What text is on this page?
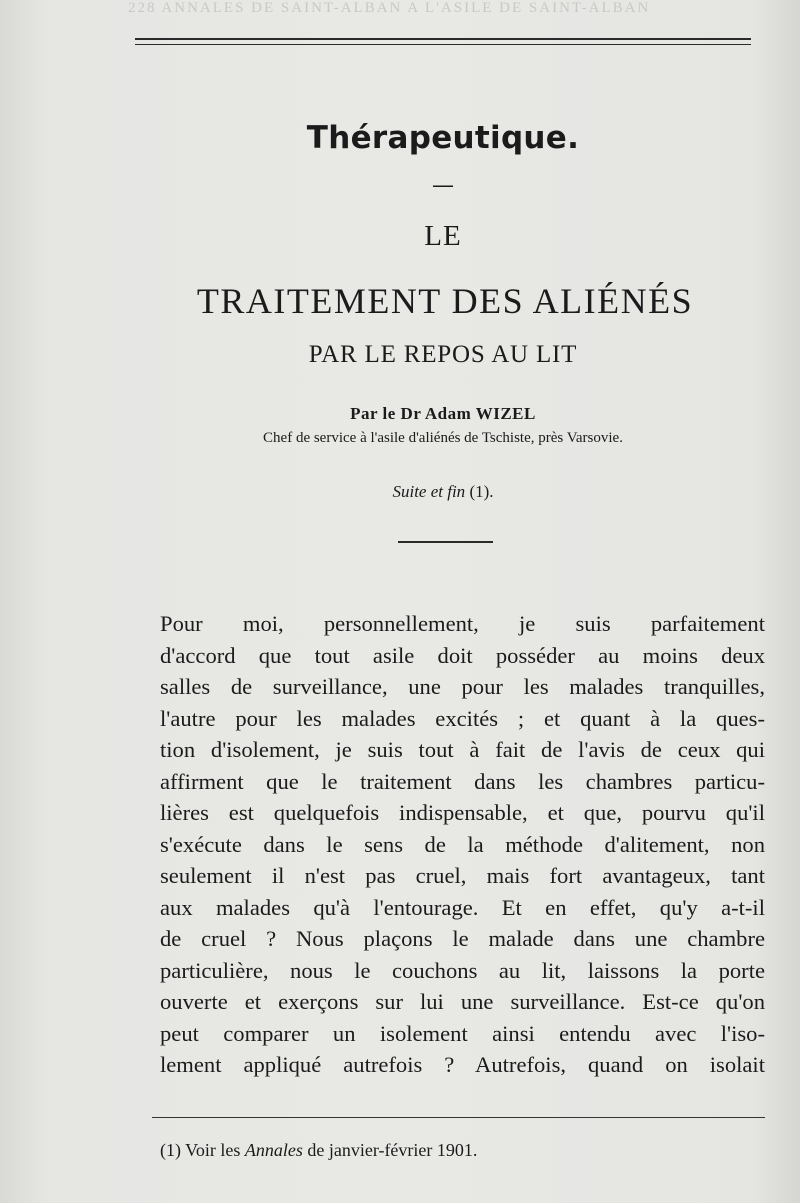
228 ANNALES DE SAINT-ALBAN A L'ASILE DE SAINT-ALBAN
Thérapeutique.
—
LE
TRAITEMENT DES ALIÉNÉS
PAR LE REPOS AU LIT
Par le Dr Adam WIZEL
Chef de service à l'asile d'aliénés de Tschiste, près Varsovie.
Suite et fin (1).
Pour moi, personnellement, je suis parfaitement
d'accord que tout asile doit posséder au moins deux
salles de surveillance, une pour les malades tranquilles,
l'autre pour les malades excités ; et quant à la ques-
tion d'isolement, je suis tout à fait de l'avis de ceux qui
affirment que le traitement dans les chambres particu-
lières est quelquefois indispensable, et que, pourvu qu'il
s'exécute dans le sens de la méthode d'alitement, non
seulement il n'est pas cruel, mais fort avantageux, tant
aux malades qu'à l'entourage. Et en effet, qu'y a-t-il
de cruel ? Nous plaçons le malade dans une chambre
particulière, nous le couchons au lit, laissons la porte
ouverte et exerçons sur lui une surveillance. Est-ce qu'on
peut comparer un isolement ainsi entendu avec l'iso-
lement appliqué autrefois ? Autrefois, quand on isolait
(1) Voir les Annales de janvier-février 1901.
